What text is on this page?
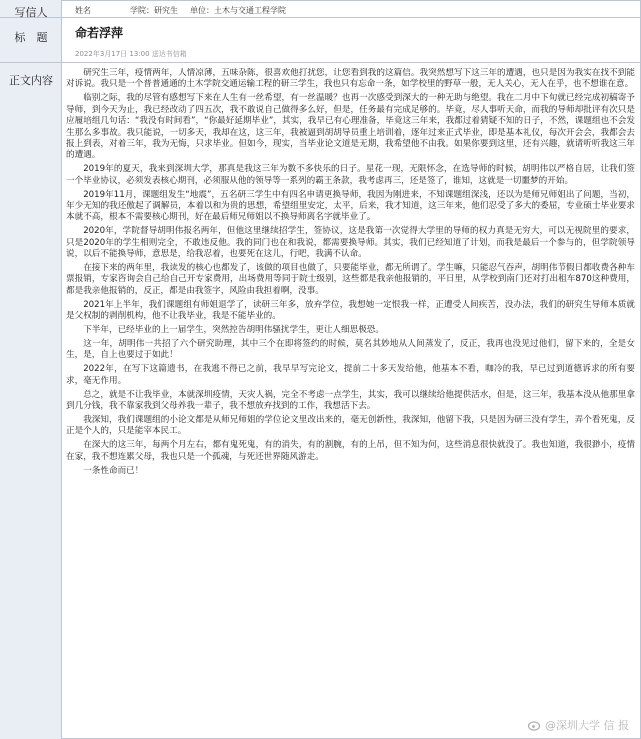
写信人	姓名	学院：研究生 单位：土木与交通工程学院
标　题	命若浮萍
2022年3月17日 13:00 送达书信箱
正文内容

研究生三年，疫情两年，人情凉薄，五味杂陈，很喜欢他打扰您，让您看到我的这篇信。我突然想写下这三年的遭遇，也只是因为我实在找不到能对诉说。我只是一个普普通通的土木学院交通运输工程的研三学生，我也只有忘命一条，如学校里的野草一般，无人关心，无人在乎，也不想谁在意。

临别之际，我的尽管有感想写下来在人生有一丝希望，有一丝温暖？也再一次感受到深大的一种无助与绝望。我在二月中下旬就已经完成初稿寄予导师，到今天为止，我已经改动了四五次，我不敢说自己做得多么好，但是，任务最有完成足够的。毕竟，尽人事听天命，而我的导师却批评有次只是应履培组几句话：“我没有时间看”，“你最好延期毕业”，其实，我早已有心理准备，毕竟这三年来，我都过着猜疑不知的日子，不然，课题组也不会发生那么多事故。我只能说，一切多天，我却在这，这三年，我被逼到胡胡导员重上培训着，逐年过来正式毕业，即是基本礼仪，每次开会会，我都会去报上到表，对着三年，我为无悔，只求毕业。但如今，现实，当毕业论文道是无期，我希望他不由我。如果你要到这里，还有兴趣，就请听听我这三年的遭遇。

2019年的夏天，我来到深圳大学，那真是我这三年为数不多快乐的日子。星花一现，无限怀念，在选导师的时候，胡明伟以严格自居，让我们签一个毕业协议，必须发表核心期刊，必须服从他的领导等一系列的霸王条款，我考虑再三，还是签了，谁知，这就是一切噩梦的开始。

2019年11月，课题组发生“地震”，五名研三学生中有四名申请更换导师，我因为刚进来，不知课题组深浅，还以为是师兄师姐出了问题，当初，年少无知的我还傲起了调解员，本着以和为贵的思想，希望组里安定，太平，后来，我才知道，这三年来，他们忍受了多大的委屈，专业硕士毕业要求本就不高，根本不需要核心期刊，好在最后师兄师姐以不换导师离名字就毕业了。

2020年，学院督导胡明伟报名两年，但他这里继续招学生，签协议，这是我第一次觉得大学里的导师的权力真是无穷大，可以无视院里的要求，只是2020年的学生相则完全，不敢违反他。我的同门也在和我说，都需要换导师。其实，我们已经知道了计划，而我是最后一个参与的，但学院领导说，以后不能换导师，意思是，给我忍着，也要死在这儿，行吧，我满不认命。

在接下来的两年里，我读发的核心也都发了，该做的项目也做了，只要能毕业，都无所谓了。学生嘛，只能忍气吞声，胡明伟节假日都收费各种车票报销，专家咨询会自己给自己开专家费用，出场费用等同于院士级别，这些都是我亲他报销的，平日里，从学校到南门还对打出租车870这种费用，都是我亲他报销的，反正，都是由我签字，风险由我担着啊，没事。

2021年上半年，我们课题组有师姐退学了，读研三年多，放弃学位，我想她一定恨我一样，正遭受人间疾苦，没办法，我们的研究生导师本质就是父权制的剥削机构，他不让我毕业，我是不能毕业的。

下半年，已经毕业的上一届学生，突然控告胡明伟骚扰学生，更让人细思极恐。

这一年，胡明伟一共招了六个研究助理，其中三个在即将签约的时候，莫名其妙地从人间蒸发了，反正，我再也没见过他们，留下来的，全是女生，是，自上也要过于如此！

2022年，在写下这篇遗书，在我逃不得已之前，我早早写完论文，提前二十多天发给他，他基本不看，咖冷的我，早已过到道德诉求的所有要求，毫无作用。

总之，就是不让我毕业，本就深圳疫情，天灾人祸，完全不考虑一点学生，其实，我可以继续给他提供活水，但是，这三年，我基本没从他那里拿到几分钱，我不靠家我到父母养我一辈子，我不想放弃找到的工作，我想活下去。

我深知，我们课题组的小论文都是从师兄师姐的学位论文里改出来的，毫无创新性，我深知，他留下我，只是因为研三没有学生，弄个看死鬼，反正是个人的，只是能宰本民工。

在深大的这三年，每两个月左右，都有鬼死鬼，有的消失，有的割腕，有的上吊，但不知为何，这些消息很快就没了。我也知道，我很渺小，疫情在家，我不想连累父母，我也只是一个孤魂，与死还世界随风游走。

一条性命而已！

@深圳大学 信 报
